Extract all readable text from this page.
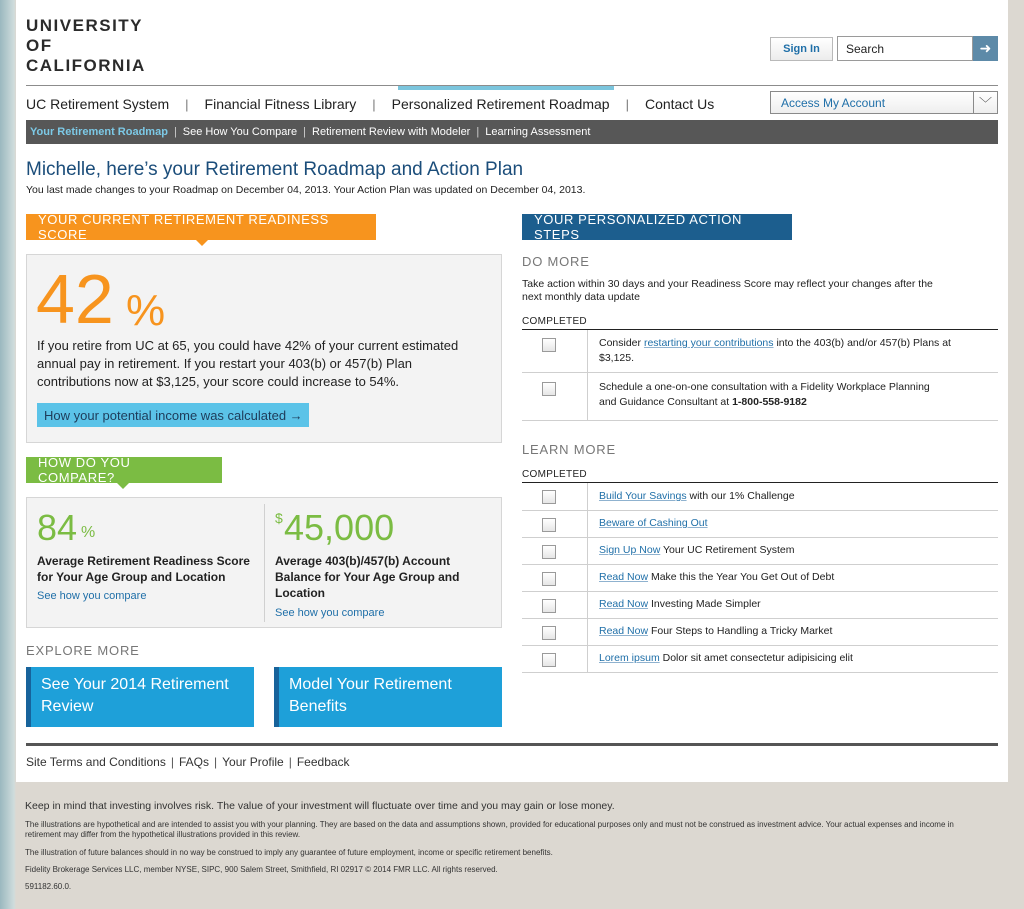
UNIVERSITY
OF
CALIFORNIA
Sign In
Search	➜
UC Retirement System | Financial Fitness Library | Personalized Retirement Roadmap | Contact Us	Access My Account	﹀
Your Retirement Roadmap | See How You Compare | Retirement Review with Modeler | Learning Assessment
Michelle, here’s your Retirement Roadmap and Action Plan
You last made changes to your Roadmap on December 04, 2013. Your Action Plan was updated on December 04, 2013.
YOUR CURRENT RETIREMENT READINESS SCORE
42 %
If you retire from UC at 65, you could have 42% of your current estimated annual pay in retirement. If you restart your 403(b) or 457(b) Plan contributions now at $3,125, your score could increase to 54%.
How your potential income was calculated →
HOW DO YOU COMPARE?
84 %
Average Retirement Readiness Score for Your Age Group and Location
See how you compare
$ 45,000
Average 403(b)/457(b) Account Balance for Your Age Group and Location
See how you compare
EXPLORE MORE
See Your 2014 Retirement Review
Model Your Retirement Benefits
YOUR PERSONALIZED ACTION STEPS
DO MORE
Take action within 30 days and your Readiness Score may reflect your changes after the next monthly data update
COMPLETED
Consider restarting your contributions into the 403(b) and/or 457(b) Plans at $3,125.
Schedule a one-on-one consultation with a Fidelity Workplace Planning and Guidance Consultant at 1-800-558-9182
LEARN MORE
COMPLETED
Build Your Savings with our 1% Challenge
Beware of Cashing Out
Sign Up Now Your UC Retirement System
Read Now Make this the Year You Get Out of Debt
Read Now Investing Made Simpler
Read Now Four Steps to Handling a Tricky Market
Lorem ipsum Dolor sit amet consectetur adipisicing elit
Site Terms and Conditions | FAQs | Your Profile | Feedback
Keep in mind that investing involves risk. The value of your investment will fluctuate over time and you may gain or lose money.
The illustrations are hypothetical and are intended to assist you with your planning. They are based on the data and assumptions shown, provided for educational purposes only and must not be construed as investment advice. Your actual expenses and income in retirement may differ from the hypothetical illustrations provided in this review.
The illustration of future balances should in no way be construed to imply any guarantee of future employment, income or specific retirement benefits.
Fidelity Brokerage Services LLC, member NYSE, SIPC, 900 Salem Street, Smithfield, RI 02917 © 2014 FMR LLC. All rights reserved.
591182.60.0.
